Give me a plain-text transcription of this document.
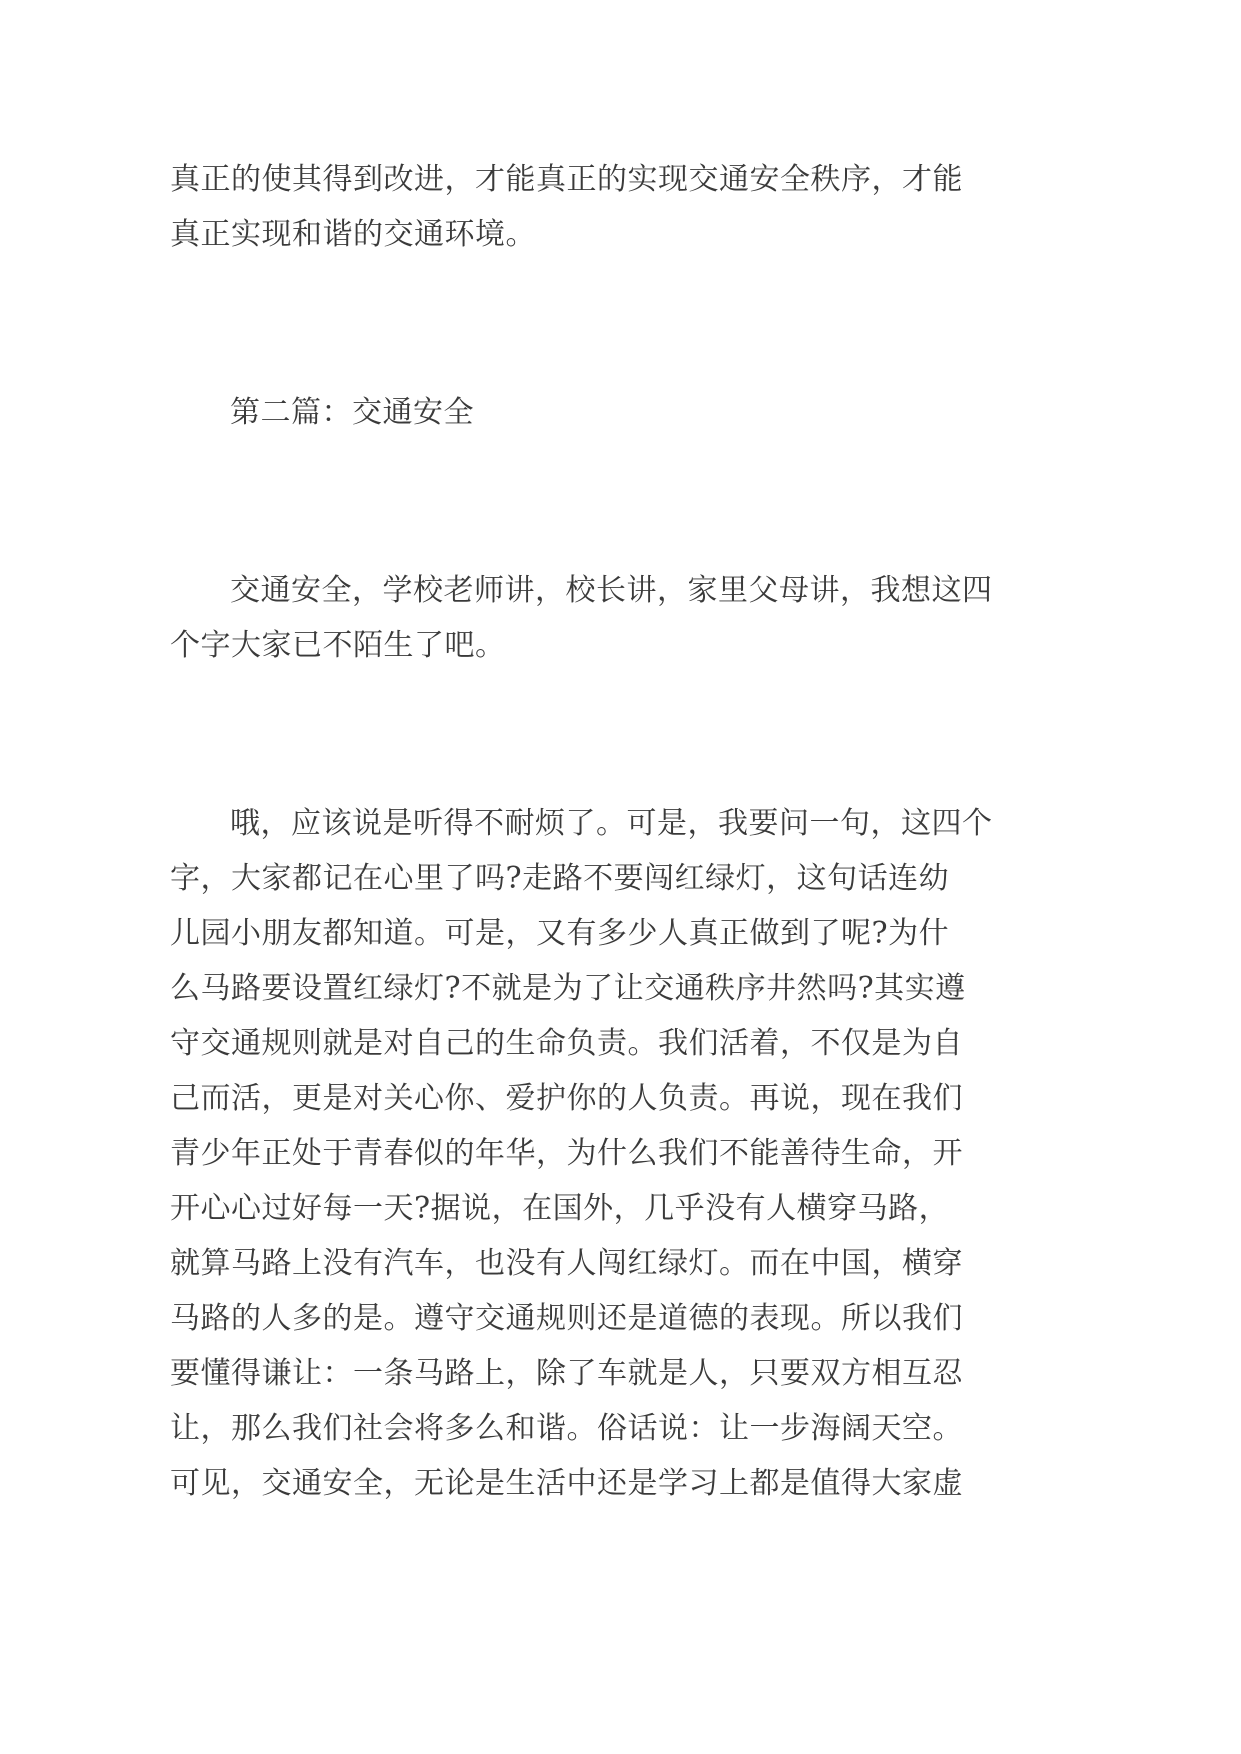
真正的使其得到改进，才能真正的实现交通安全秩序，才能
真正实现和谐的交通环境。
第二篇：交通安全
交通安全，学校老师讲，校长讲，家里父母讲，我想这四
个字大家已不陌生了吧。
哦，应该说是听得不耐烦了。可是，我要问一句，这四个
字，大家都记在心里了吗?走路不要闯红绿灯，这句话连幼
儿园小朋友都知道。可是，又有多少人真正做到了呢?为什
么马路要设置红绿灯?不就是为了让交通秩序井然吗?其实遵
守交通规则就是对自己的生命负责。我们活着，不仅是为自
己而活，更是对关心你、爱护你的人负责。再说，现在我们
青少年正处于青春似的年华，为什么我们不能善待生命，开
开心心过好每一天?据说，在国外，几乎没有人横穿马路，
就算马路上没有汽车，也没有人闯红绿灯。而在中国，横穿
马路的人多的是。遵守交通规则还是道德的表现。所以我们
要懂得谦让：一条马路上，除了车就是人，只要双方相互忍
让，那么我们社会将多么和谐。俗话说：让一步海阔天空。
可见，交通安全，无论是生活中还是学习上都是值得大家虚
